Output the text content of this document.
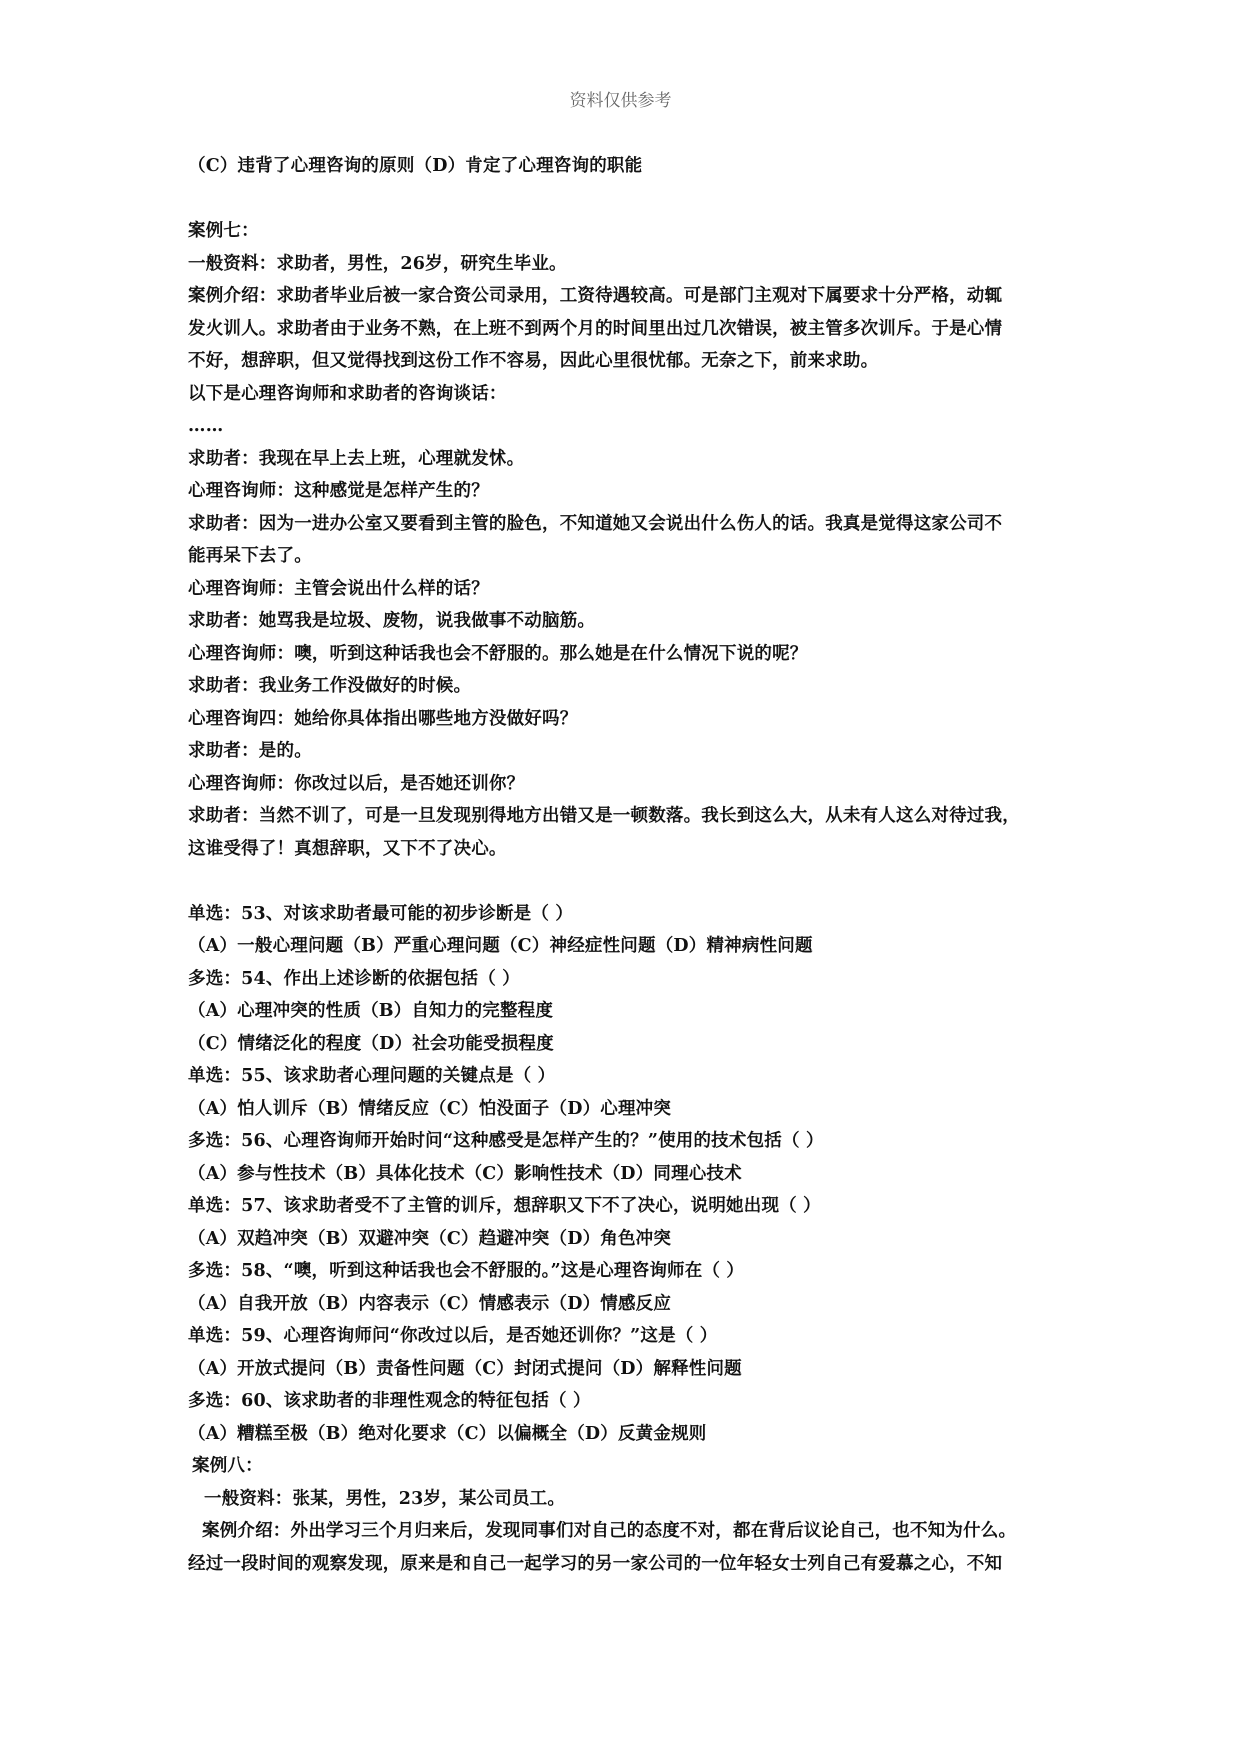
资料仅供参考
（C）违背了心理咨询的原则（D）肯定了心理咨询的职能
案例七：
一般资料：求助者，男性，26岁，研究生毕业。
案例介绍：求助者毕业后被一家合资公司录用，工资待遇较高。可是部门主观对下属要求十分严格，动辄
发火训人。求助者由于业务不熟，在上班不到两个月的时间里出过几次错误，被主管多次训斥。于是心情
不好，想辞职，但又觉得找到这份工作不容易，因此心里很忧郁。无奈之下，前来求助。
以下是心理咨询师和求助者的咨询谈话：
……
求助者：我现在早上去上班，心理就发怵。
心理咨询师：这种感觉是怎样产生的？
求助者：因为一进办公室又要看到主管的脸色，不知道她又会说出什么伤人的话。我真是觉得这家公司不
能再呆下去了。
心理咨询师：主管会说出什么样的话？
求助者：她骂我是垃圾、废物，说我做事不动脑筋。
心理咨询师：噢，听到这种话我也会不舒服的。那么她是在什么情况下说的呢？
求助者：我业务工作没做好的时候。
心理咨询四：她给你具体指出哪些地方没做好吗？
求助者：是的。
心理咨询师：你改过以后，是否她还训你？
求助者：当然不训了，可是一旦发现别得地方出错又是一顿数落。我长到这么大，从未有人这么对待过我，
这谁受得了！真想辞职，又下不了决心。
单选：53、对该求助者最可能的初步诊断是（ ）
（A）一般心理问题（B）严重心理问题（C）神经症性问题（D）精神病性问题
多选：54、作出上述诊断的依据包括（ ）
（A）心理冲突的性质（B）自知力的完整程度
（C）情绪泛化的程度（D）社会功能受损程度
单选：55、该求助者心理问题的关键点是（ ）
（A）怕人训斥（B）情绪反应（C）怕没面子（D）心理冲突
多选：56、心理咨询师开始时问“这种感受是怎样产生的？”使用的技术包括（ ）
（A）参与性技术（B）具体化技术（C）影响性技术（D）同理心技术
单选：57、该求助者受不了主管的训斥，想辞职又下不了决心，说明她出现（ ）
（A）双趋冲突（B）双避冲突（C）趋避冲突（D）角色冲突
多选：58、“噢，听到这种话我也会不舒服的。”这是心理咨询师在（ ）
（A）自我开放（B）内容表示（C）情感表示（D）情感反应
单选：59、心理咨询师问“你改过以后，是否她还训你？”这是（ ）
（A）开放式提问（B）责备性问题（C）封闭式提问（D）解释性问题
多选：60、该求助者的非理性观念的特征包括（ ）
（A）糟糕至极（B）绝对化要求（C）以偏概全（D）反黄金规则
案例八：
一般资料：张某，男性，23岁，某公司员工。
案例介绍：外出学习三个月归来后，发现同事们对自己的态度不对，都在背后议论自己，也不知为什么。
经过一段时间的观察发现，原来是和自己一起学习的另一家公司的一位年轻女士列自己有爱慕之心，不知
